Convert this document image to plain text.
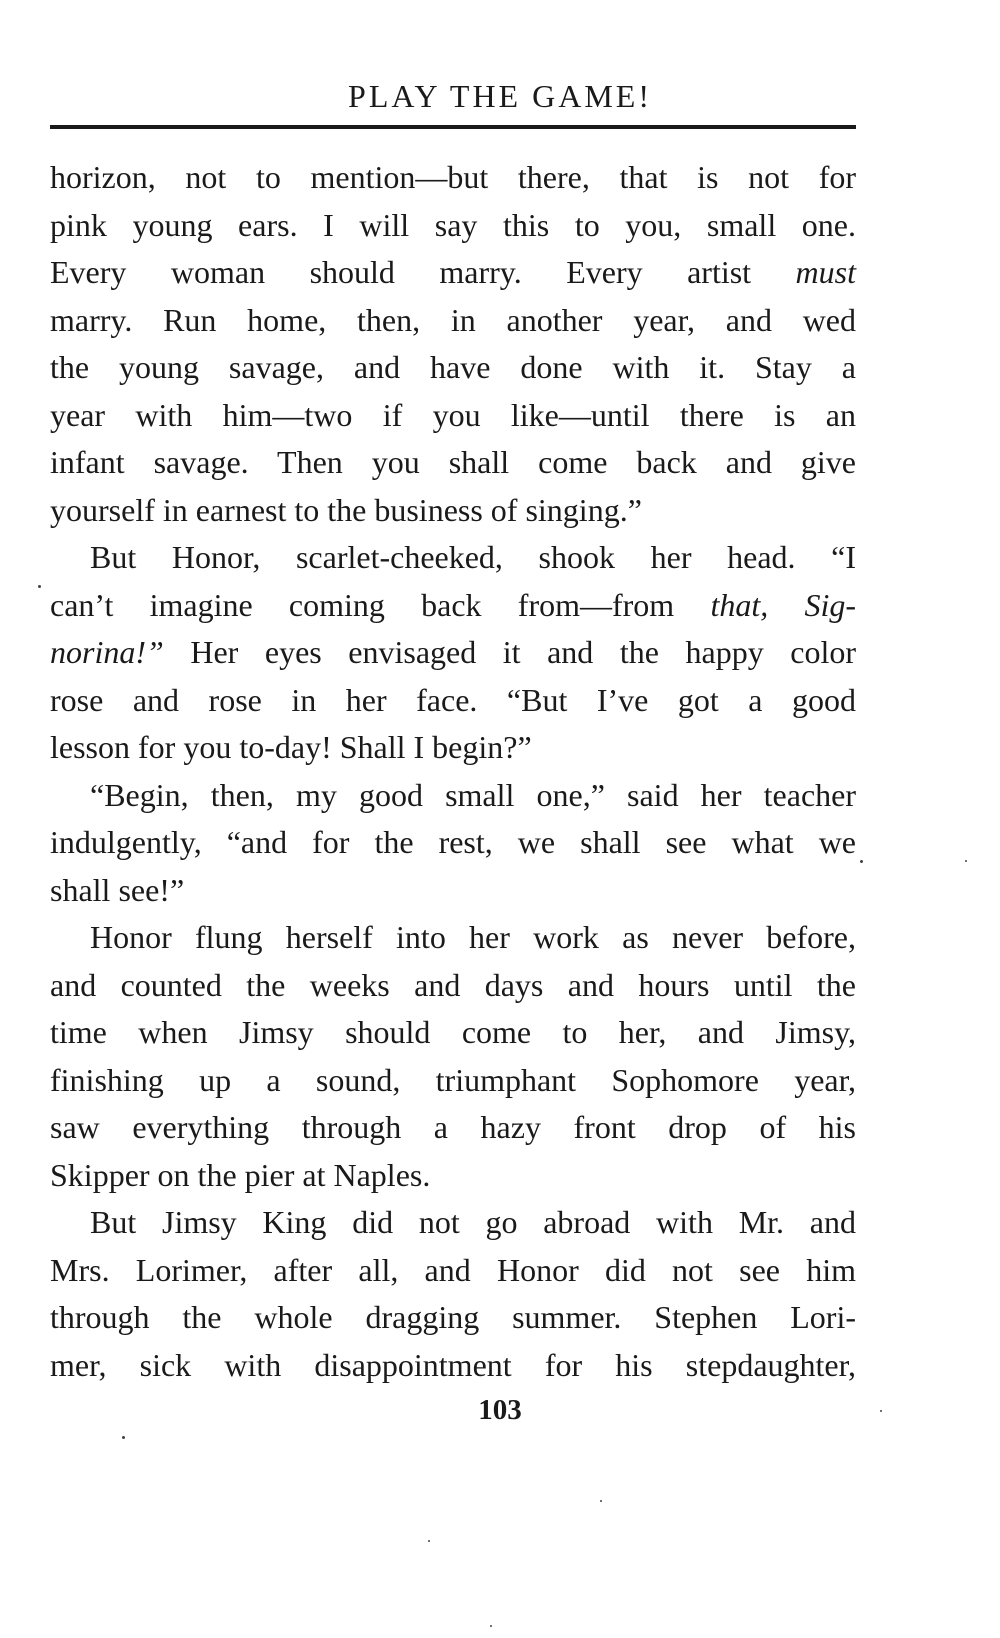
PLAY THE GAME!
horizon, not to mention—but there, that is not for
pink young ears. I will say this to you, small one.
Every woman should marry. Every artist must
marry. Run home, then, in another year, and wed
the young savage, and have done with it. Stay a
year with him—two if you like—until there is an
infant savage. Then you shall come back and give
yourself in earnest to the business of singing.”
But Honor, scarlet-cheeked, shook her head. “I
can’t imagine coming back from—from that, Sig-
norina!” Her eyes envisaged it and the happy color
rose and rose in her face. “But I’ve got a good
lesson for you to-day! Shall I begin?”
“Begin, then, my good small one,” said her teacher
indulgently, “and for the rest, we shall see what we
shall see!”
Honor flung herself into her work as never before,
and counted the weeks and days and hours until the
time when Jimsy should come to her, and Jimsy,
finishing up a sound, triumphant Sophomore year,
saw everything through a hazy front drop of his
Skipper on the pier at Naples.
But Jimsy King did not go abroad with Mr. and
Mrs. Lorimer, after all, and Honor did not see him
through the whole dragging summer. Stephen Lori-
mer, sick with disappointment for his stepdaughter,
103
